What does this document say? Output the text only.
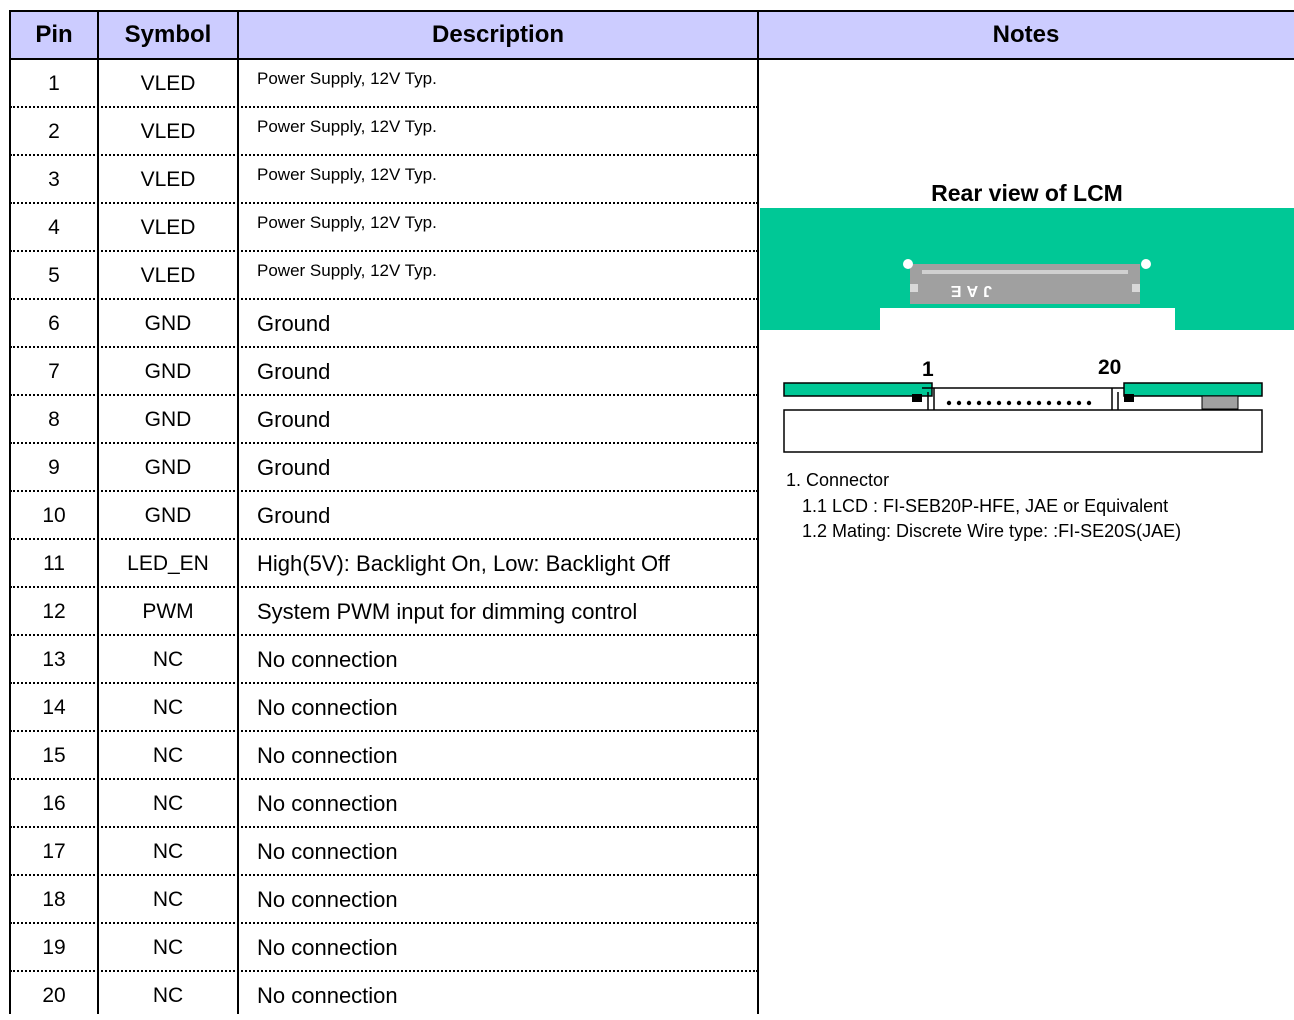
Pin	Symbol	Description	Notes
1	VLED	Power Supply, 12V Typ.
2	VLED	Power Supply, 12V Typ.
3	VLED	Power Supply, 12V Typ.
4	VLED	Power Supply, 12V Typ.
5	VLED	Power Supply, 12V Typ.
6	GND	Ground
7	GND	Ground
8	GND	Ground
9	GND	Ground
10	GND	Ground
11	LED_EN	High(5V): Backlight On, Low: Backlight Off
12	PWM	System PWM input for dimming control
13	NC	No connection
14	NC	No connection
15	NC	No connection
16	NC	No connection
17	NC	No connection
18	NC	No connection
19	NC	No connection
20	NC	No connection
Rear view of LCM
JAE
1	20
1. Connector
1.1 LCD : FI-SEB20P-HFE, JAE or Equivalent
1.2 Mating: Discrete Wire type: :FI-SE20S(JAE)
